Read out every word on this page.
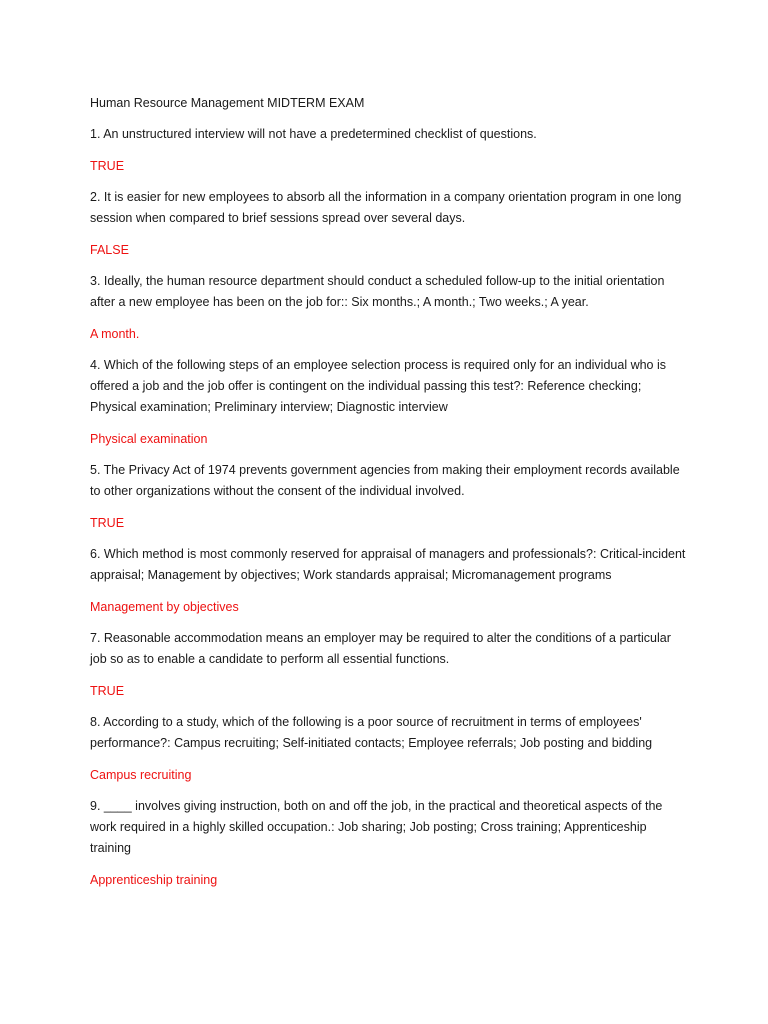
Human Resource Management MIDTERM EXAM

1. An unstructured interview will not have a predetermined checklist of questions.

TRUE

2. It is easier for new employees to absorb all the information in a company orientation program in one long session when compared to brief sessions spread over several days.

FALSE

3. Ideally, the human resource department should conduct a scheduled follow-up to the initial orientation after a new employee has been on the job for:: Six months.; A month.; Two weeks.; A year.

A month.

4. Which of the following steps of an employee selection process is required only for an individual who is offered a job and the job offer is contingent on the individual passing this test?: Reference checking; Physical examination; Preliminary interview; Diagnostic interview

Physical examination

5. The Privacy Act of 1974 prevents government agencies from making their employment records available to other organizations without the consent of the individual involved.

TRUE

6. Which method is most commonly reserved for appraisal of managers and professionals?: Critical-incident appraisal; Management by objectives; Work standards appraisal; Micromanagement programs

Management by objectives

7. Reasonable accommodation means an employer may be required to alter the conditions of a particular job so as to enable a candidate to perform all essential functions.

TRUE

8. According to a study, which of the following is a poor source of recruitment in terms of employees' performance?: Campus recruiting; Self-initiated contacts; Employee referrals; Job posting and bidding

Campus recruiting

9. ____ involves giving instruction, both on and off the job, in the practical and theoretical aspects of the work required in a highly skilled occupation.: Job sharing; Job posting; Cross training; Apprenticeship training

Apprenticeship training
